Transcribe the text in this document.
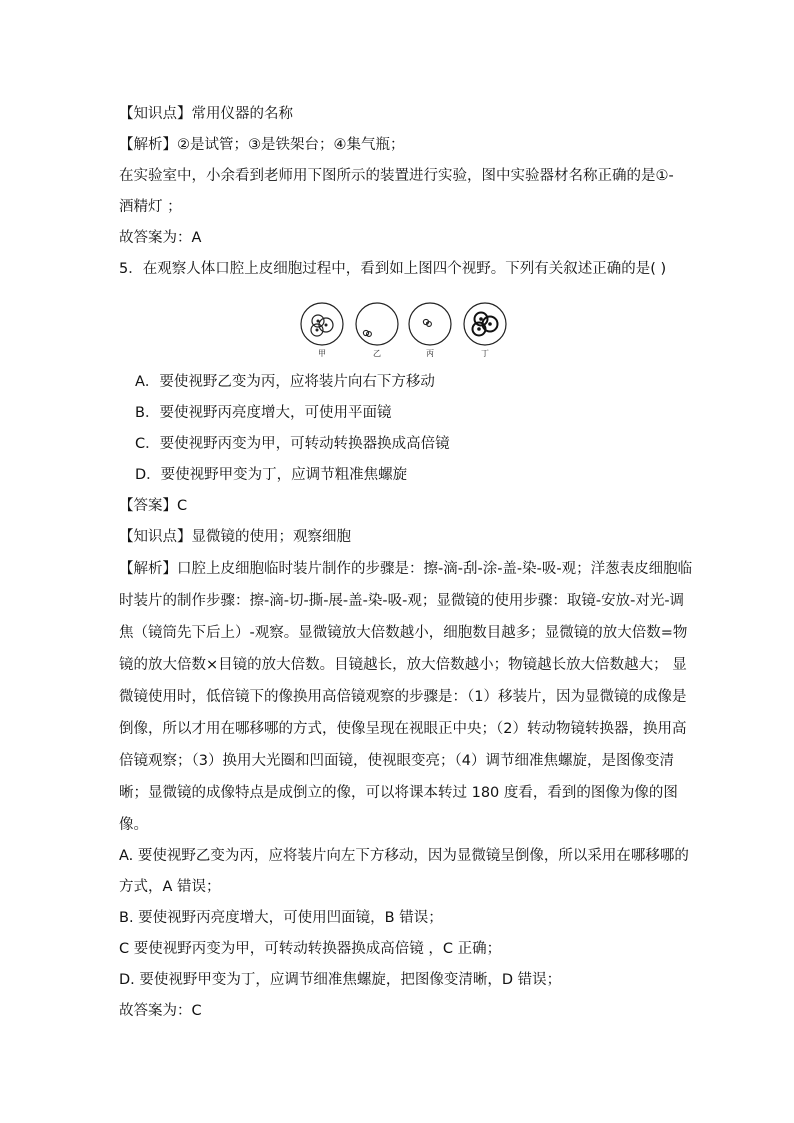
【知识点】常用仪器的名称
【解析】②是试管；③是铁架台；④集气瓶；
在实验室中，小余看到老师用下图所示的装置进行实验，图中实验器材名称正确的是①-
酒精灯 ；
故答案为：A
5．在观察人体口腔上皮细胞过程中，看到如上图四个视野。下列有关叙述正确的是( )
甲	乙	丙	丁
A．要使视野乙变为丙，应将装片向右下方移动
B．要使视野丙亮度增大，可使用平面镜
C．要使视野丙变为甲，可转动转换器换成高倍镜
D．要使视野甲变为丁，应调节粗准焦螺旋
【答案】C
【知识点】显微镜的使用；观察细胞
【解析】口腔上皮细胞临时装片制作的步骤是：擦-滴-刮-涂-盖-染-吸-观；洋葱表皮细胞临
时装片的制作步骤：擦-滴-切-撕-展-盖-染-吸-观；显微镜的使用步骤：取镜-安放-对光-调
焦（镜筒先下后上）-观察。显微镜放大倍数越小，细胞数目越多；显微镜的放大倍数=物
镜的放大倍数×目镜的放大倍数。目镜越长，放大倍数越小；物镜越长放大倍数越大； 显
微镜使用时，低倍镜下的像换用高倍镜观察的步骤是：（1）移装片，因为显微镜的成像是
倒像，所以才用在哪移哪的方式，使像呈现在视眼正中央；（2）转动物镜转换器，换用高
倍镜观察；（3）换用大光圈和凹面镜，使视眼变亮；（4）调节细准焦螺旋，是图像变清
晰；显微镜的成像特点是成倒立的像，可以将课本转过 180 度看，看到的图像为像的图
像。
A. 要使视野乙变为丙，应将装片向左下方移动，因为显微镜呈倒像，所以采用在哪移哪的
方式，A 错误；
B. 要使视野丙亮度增大，可使用凹面镜，B 错误；
C 要使视野丙变为甲，可转动转换器换成高倍镜 ，C 正确；
D. 要使视野甲变为丁，应调节细准焦螺旋，把图像变清晰，D 错误；
故答案为：C
